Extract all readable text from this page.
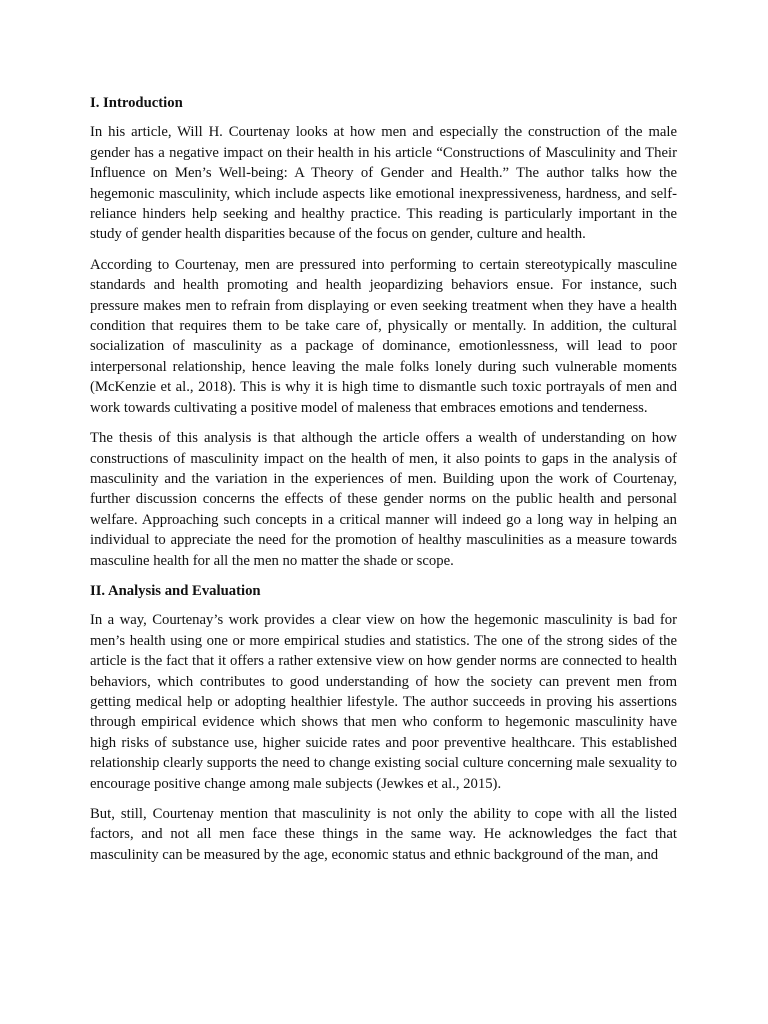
I. Introduction

In his article, Will H. Courtenay looks at how men and especially the construction of the male gender has a negative impact on their health in his article “Constructions of Masculinity and Their Influence on Men’s Well-being: A Theory of Gender and Health.” The author talks how the hegemonic masculinity, which include aspects like emotional inexpressiveness, hardness, and self-reliance hinders help seeking and healthy practice. This reading is particularly important in the study of gender health disparities because of the focus on gender, culture and health.

According to Courtenay, men are pressured into performing to certain stereotypically masculine standards and health promoting and health jeopardizing behaviors ensue. For instance, such pressure makes men to refrain from displaying or even seeking treatment when they have a health condition that requires them to be take care of, physically or mentally. In addition, the cultural socialization of masculinity as a package of dominance, emotionlessness, will lead to poor interpersonal relationship, hence leaving the male folks lonely during such vulnerable moments (McKenzie et al., 2018). This is why it is high time to dismantle such toxic portrayals of men and work towards cultivating a positive model of maleness that embraces emotions and tenderness.

The thesis of this analysis is that although the article offers a wealth of understanding on how constructions of masculinity impact on the health of men, it also points to gaps in the analysis of masculinity and the variation in the experiences of men. Building upon the work of Courtenay, further discussion concerns the effects of these gender norms on the public health and personal welfare. Approaching such concepts in a critical manner will indeed go a long way in helping an individual to appreciate the need for the promotion of healthy masculinities as a measure towards masculine health for all the men no matter the shade or scope.

II. Analysis and Evaluation

In a way, Courtenay’s work provides a clear view on how the hegemonic masculinity is bad for men’s health using one or more empirical studies and statistics. The one of the strong sides of the article is the fact that it offers a rather extensive view on how gender norms are connected to health behaviors, which contributes to good understanding of how the society can prevent men from getting medical help or adopting healthier lifestyle. The author succeeds in proving his assertions through empirical evidence which shows that men who conform to hegemonic masculinity have high risks of substance use, higher suicide rates and poor preventive healthcare. This established relationship clearly supports the need to change existing social culture concerning male sexuality to encourage positive change among male subjects (Jewkes et al., 2015).

But, still, Courtenay mention that masculinity is not only the ability to cope with all the listed factors, and not all men face these things in the same way. He acknowledges the fact that masculinity can be measured by the age, economic status and ethnic background of the man, and
